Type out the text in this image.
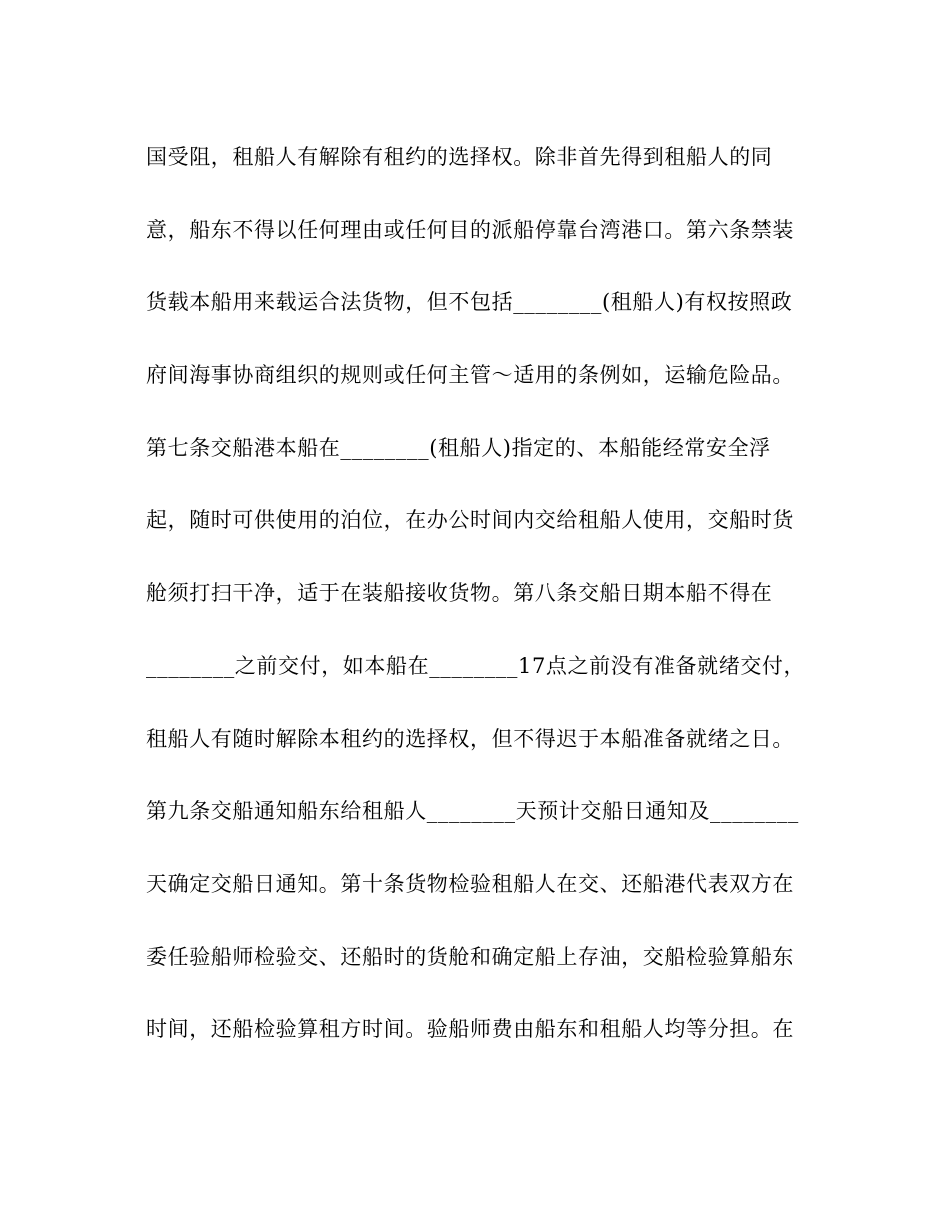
国受阻，租船人有解除有租约的选择权。除非首先得到租船人的同
意，船东不得以任何理由或任何目的派船停靠台湾港口。第六条禁装
货载本船用来载运合法货物，但不包括________(租船人)有权按照政
府间海事协商组织的规则或任何主管～适用的条例如，运输危险品。
第七条交船港本船在________(租船人)指定的、本船能经常安全浮
起，随时可供使用的泊位，在办公时间内交给租船人使用，交船时货
舱须打扫干净，适于在装船接收货物。第八条交船日期本船不得在
________之前交付，如本船在________17点之前没有准备就绪交付，
租船人有随时解除本租约的选择权，但不得迟于本船准备就绪之日。
第九条交船通知船东给租船人________天预计交船日通知及________
天确定交船日通知。第十条货物检验租船人在交、还船港代表双方在
委任验船师检验交、还船时的货舱和确定船上存油，交船检验算船东
时间，还船检验算租方时间。验船师费由船东和租船人均等分担。在
